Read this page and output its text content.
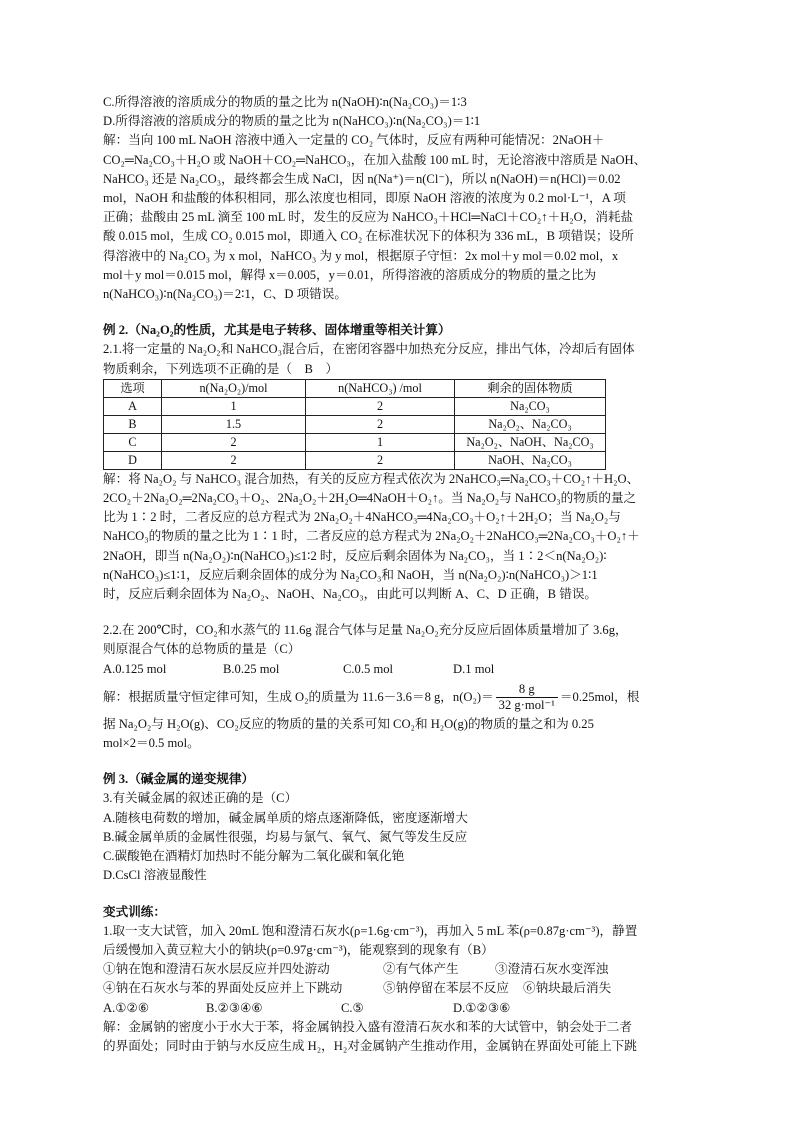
C.所得溶液的溶质成分的物质的量之比为 n(NaOH)∶n(Na₂CO₃)＝1∶3
D.所得溶液的溶质成分的物质的量之比为 n(NaHCO₃)∶n(Na₂CO₃)＝1∶1
解：当向 100 mL NaOH 溶液中通入一定量的 CO₂ 气体时，反应有两种可能情况：2NaOH＋
CO₂═Na₂CO₃＋H₂O 或 NaOH＋CO₂═NaHCO₃，在加入盐酸 100 mL 时，无论溶液中溶质是 NaOH、
NaHCO₃ 还是 Na₂CO₃，最终都会生成 NaCl，因 n(Na⁺)＝n(Cl⁻)，所以 n(NaOH)＝n(HCl)＝0.02
mol，NaOH 和盐酸的体积相同，那么浓度也相同，即原 NaOH 溶液的浓度为 0.2 mol·L⁻¹，A 项
正确；盐酸由 25 mL 滴至 100 mL 时，发生的反应为 NaHCO₃＋HCl═NaCl＋CO₂↑＋H₂O，消耗盐
酸 0.015 mol，生成 CO₂ 0.015 mol，即通入 CO₂ 在标准状况下的体积为 336 mL，B 项错误；设所
得溶液中的 Na₂CO₃ 为 x mol，NaHCO₃ 为 y mol，根据原子守恒：2x mol＋y mol＝0.02 mol，x
mol＋y mol＝0.015 mol，解得 x＝0.005，y＝0.01，所得溶液的溶质成分的物质的量之比为
n(NaHCO₃)∶n(Na₂CO₃)＝2∶1，C、D 项错误。
例 2.（Na₂O₂的性质，尤其是电子转移、固体增重等相关计算）
2.1.将一定量的 Na₂O₂和 NaHCO₃混合后，在密闭容器中加热充分反应，排出气体，冷却后有固体
物质剩余，下列选项不正确的是（　B　）
选项	n(Na₂O₂)/mol	n(NaHCO₃) /mol	剩余的固体物质
A	1	2	Na₂CO₃
B	1.5	2	Na₂O₂、Na₂CO₃
C	2	1	Na₂O₂、NaOH、Na₂CO₃
D	2	2	NaOH、Na₂CO₃
解：将 Na₂O₂ 与 NaHCO₃ 混合加热，有关的反应方程式依次为 2NaHCO₃═Na₂CO₃＋CO₂↑＋H₂O、
2CO₂＋2Na₂O₂═2Na₂CO₃＋O₂、2Na₂O₂＋2H₂O═4NaOH＋O₂↑。当 Na₂O₂与 NaHCO₃的物质的量之
比为 1∶2 时，二者反应的总方程式为 2Na₂O₂＋4NaHCO₃═4Na₂CO₃＋O₂↑＋2H₂O；当 Na₂O₂与
NaHCO₃的物质的量之比为 1∶1 时，二者反应的总方程式为 2Na₂O₂＋2NaHCO₃═2Na₂CO₃＋O₂↑＋
2NaOH，即当 n(Na₂O₂)∶n(NaHCO₃)≤1∶2 时，反应后剩余固体为 Na₂CO₃，当 1∶2＜n(Na₂O₂)∶
n(NaHCO₃)≤1∶1，反应后剩余固体的成分为 Na₂CO₃和 NaOH，当 n(Na₂O₂)∶n(NaHCO₃)＞1∶1
时，反应后剩余固体为 Na₂O₂、NaOH、Na₂CO₃，由此可以判断 A、C、D 正确，B 错误。
2.2.在 200℃时，CO₂和水蒸气的 11.6g 混合气体与足量 Na₂O₂充分反应后固体质量增加了 3.6g，
则原混合气体的总物质的量是（C）
A.0.125 mol	B.0.25 mol	C.0.5 mol	D.1 mol
解：根据质量守恒定律可知，生成 O₂的质量为 11.6－3.6＝8 g，n(O₂)＝
8 g
32 g·mol⁻¹
＝0.25mol，根
据 Na₂O₂与 H₂O(g)、CO₂反应的物质的量的关系可知 CO₂和 H₂O(g)的物质的量之和为 0.25
mol×2＝0.5 mol。
例 3.（碱金属的递变规律）
3.有关碱金属的叙述正确的是（C）
A.随核电荷数的增加，碱金属单质的熔点逐渐降低，密度逐渐增大
B.碱金属单质的金属性很强，均易与氯气、氧气、氮气等发生反应
C.碳酸铯在酒精灯加热时不能分解为二氧化碳和氧化铯
D.CsCl 溶液显酸性
变式训练：
1.取一支大试管，加入 20mL 饱和澄清石灰水(ρ=1.6g·cm⁻³)，再加入 5 mL 苯(ρ=0.87g·cm⁻³)，静置
后缓慢加入黄豆粒大小的钠块(ρ=0.97g·cm⁻³)，能观察到的现象有（B）
①钠在饱和澄清石灰水层反应并四处游动	②有气体产生	③澄清石灰水变浑浊
④钠在石灰水与苯的界面处反应并上下跳动	⑤钠停留在苯层不反应	⑥钠块最后消失
A.①②⑥	B.②③④⑥	C.⑤	D.①②③⑥
解：金属钠的密度小于水大于苯，将金属钠投入盛有澄清石灰水和苯的大试管中，钠会处于二者
的界面处；同时由于钠与水反应生成 H₂，H₂对金属钠产生推动作用，金属钠在界面处可能上下跳
